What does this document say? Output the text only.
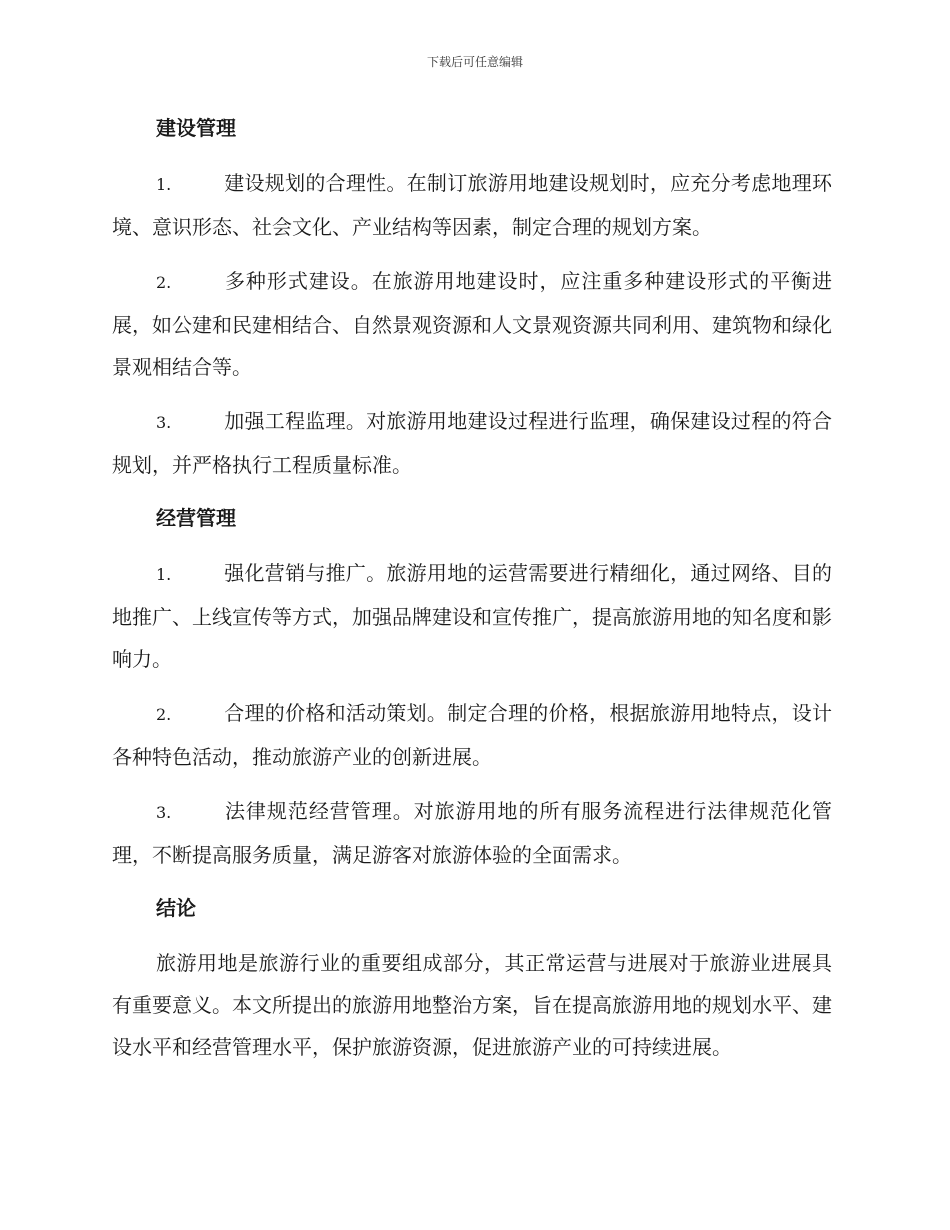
下载后可任意编辑
建设管理

1.	建设规划的合理性。在制订旅游用地建设规划时，应充分考虑地理环境、意识形态、社会文化、产业结构等因素，制定合理的规划方案。

2.	多种形式建设。在旅游用地建设时，应注重多种建设形式的平衡进展，如公建和民建相结合、自然景观资源和人文景观资源共同利用、建筑物和绿化景观相结合等。

3.	加强工程监理。对旅游用地建设过程进行监理，确保建设过程的符合规划，并严格执行工程质量标准。

经营管理

1.	强化营销与推广。旅游用地的运营需要进行精细化，通过网络、目的地推广、上线宣传等方式，加强品牌建设和宣传推广，提高旅游用地的知名度和影响力。

2.	合理的价格和活动策划。制定合理的价格，根据旅游用地特点，设计各种特色活动，推动旅游产业的创新进展。

3.	法律规范经营管理。对旅游用地的所有服务流程进行法律规范化管理，不断提高服务质量，满足游客对旅游体验的全面需求。

结论

旅游用地是旅游行业的重要组成部分，其正常运营与进展对于旅游业进展具有重要意义。本文所提出的旅游用地整治方案，旨在提高旅游用地的规划水平、建设水平和经营管理水平，保护旅游资源，促进旅游产业的可持续进展。
